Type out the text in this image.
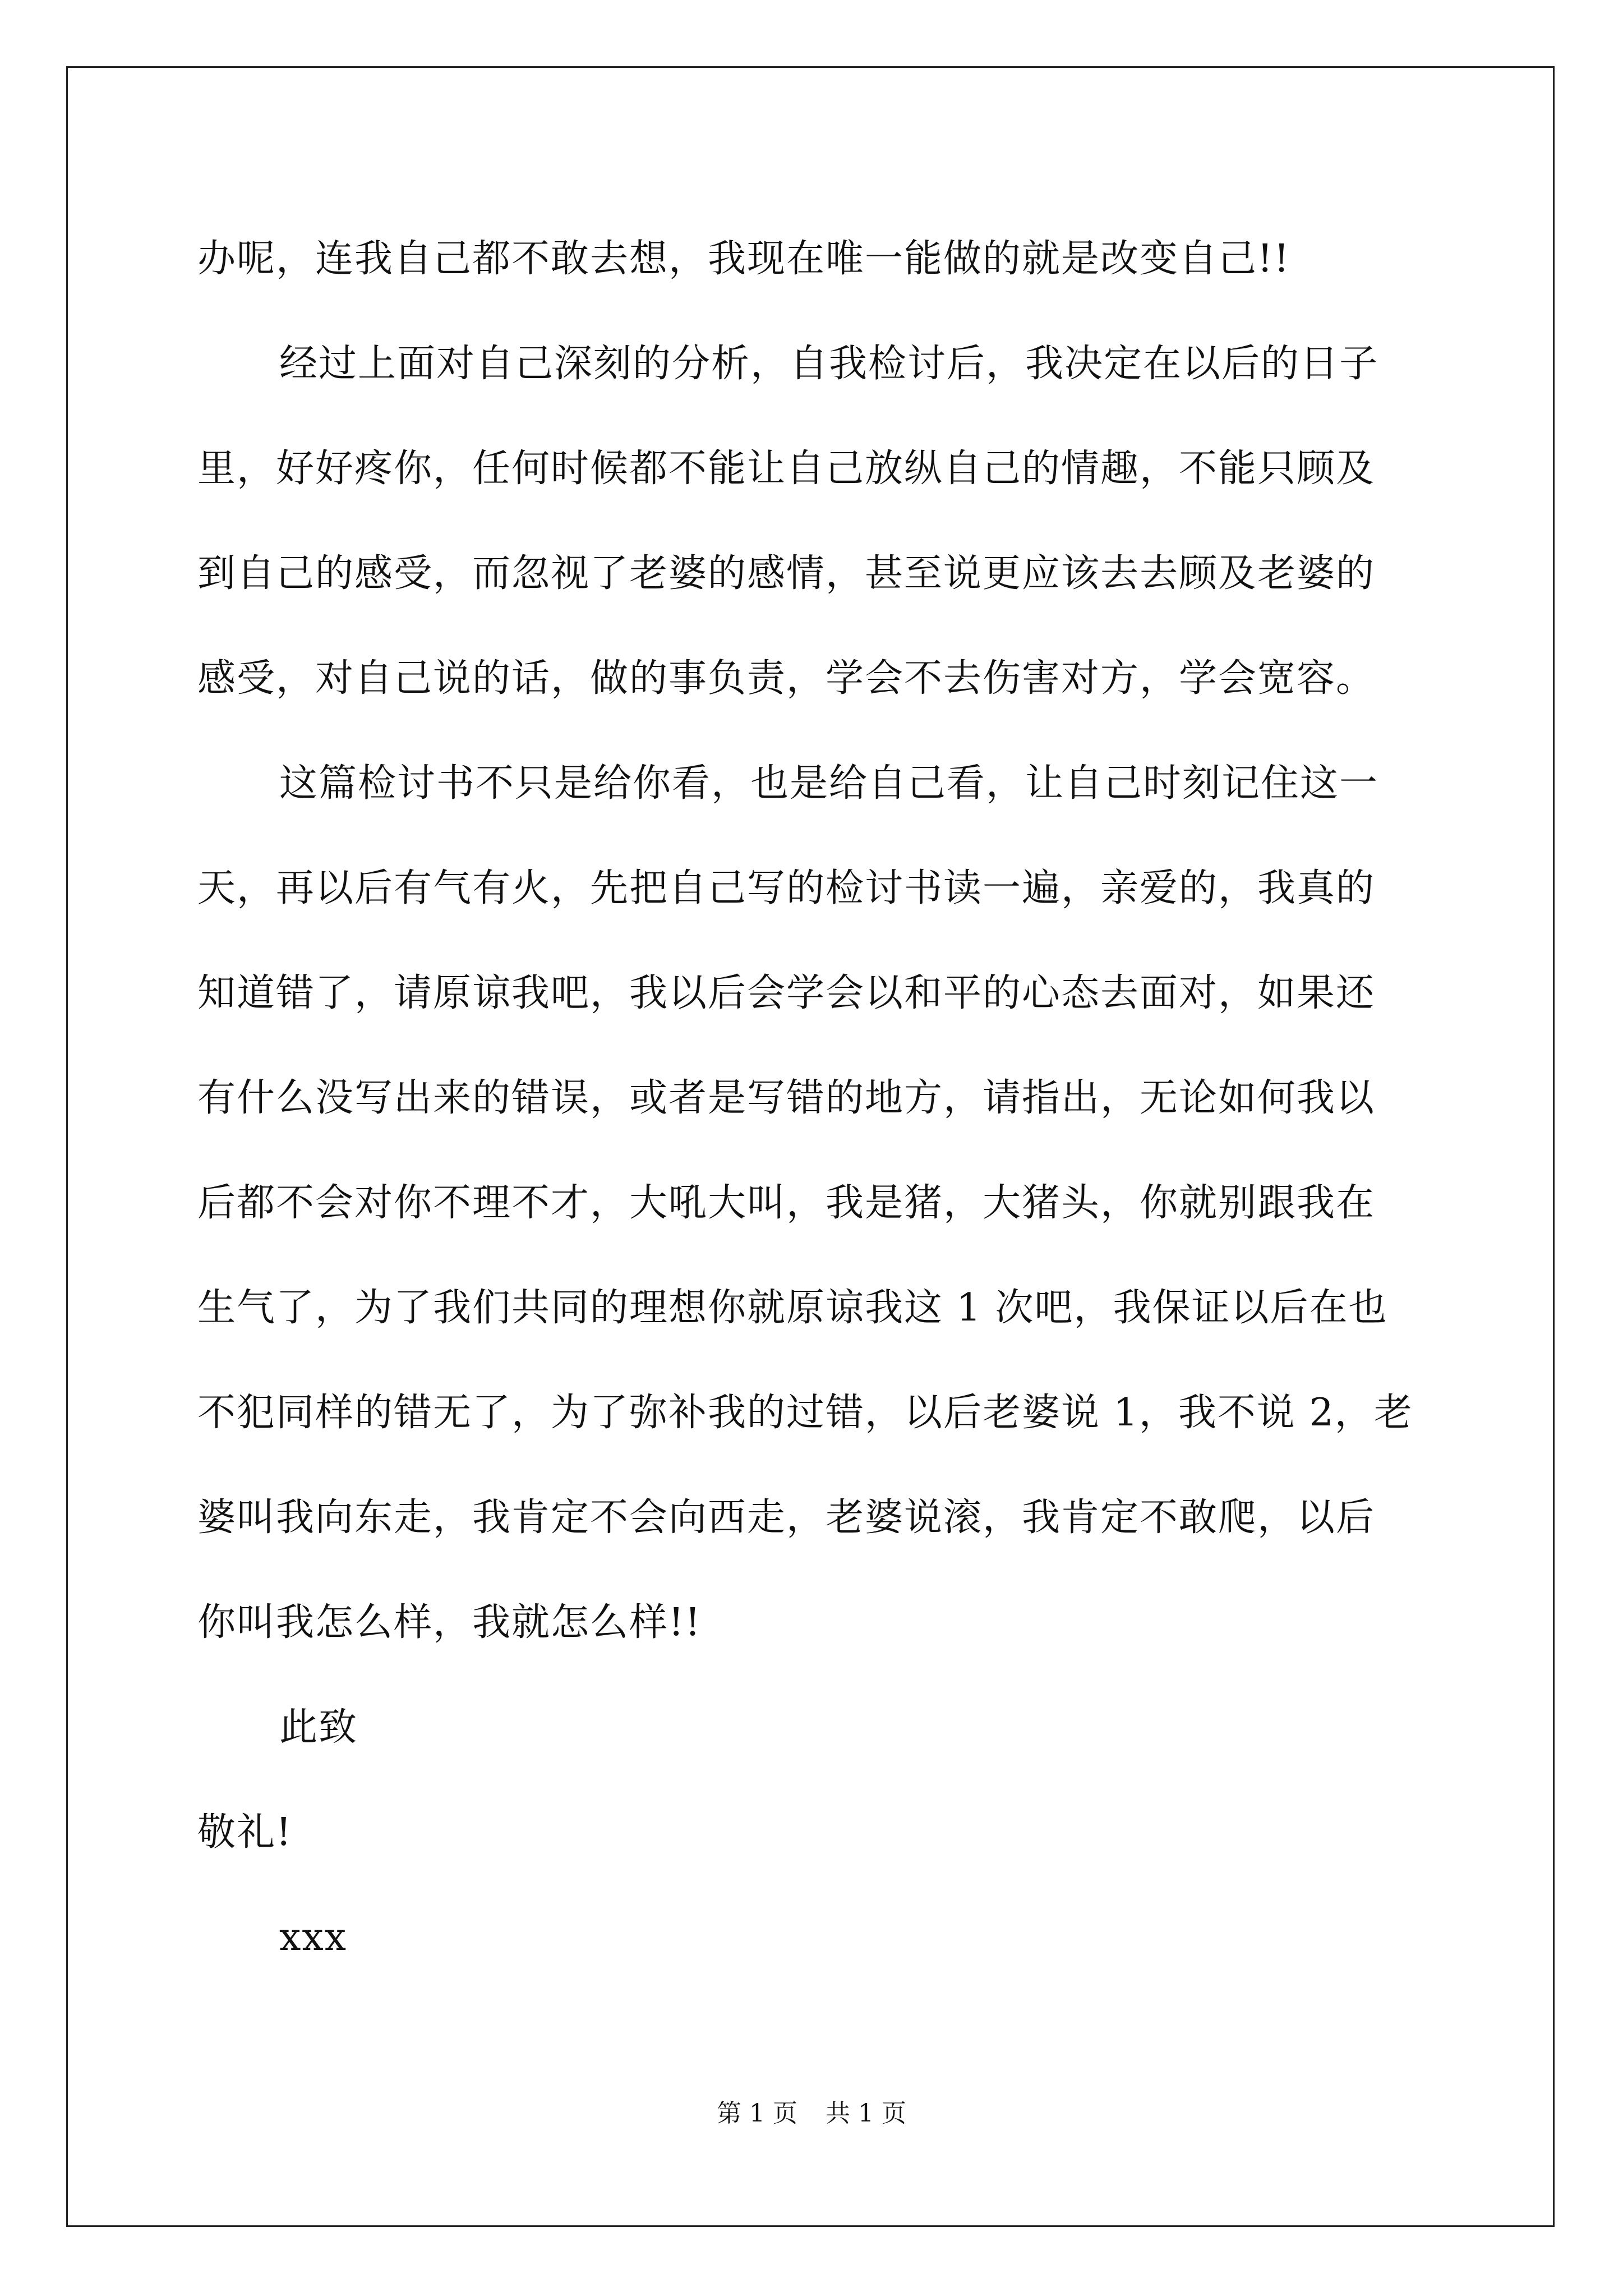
办呢，连我自己都不敢去想，我现在唯一能做的就是改变自己!!
经过上面对自己深刻的分析，自我检讨后，我决定在以后的日子
里，好好疼你，任何时候都不能让自己放纵自己的情趣，不能只顾及
到自己的感受，而忽视了老婆的感情，甚至说更应该去去顾及老婆的
感受，对自己说的话，做的事负责，学会不去伤害对方，学会宽容。
这篇检讨书不只是给你看，也是给自己看，让自己时刻记住这一
天，再以后有气有火，先把自己写的检讨书读一遍，亲爱的，我真的
知道错了，请原谅我吧，我以后会学会以和平的心态去面对，如果还
有什么没写出来的错误，或者是写错的地方，请指出，无论如何我以
后都不会对你不理不才，大吼大叫，我是猪，大猪头，你就别跟我在
生气了，为了我们共同的理想你就原谅我这 1 次吧，我保证以后在也
不犯同样的错无了，为了弥补我的过错，以后老婆说 1，我不说 2，老
婆叫我向东走，我肯定不会向西走，老婆说滚，我肯定不敢爬，以后
你叫我怎么样，我就怎么样!!
此致
敬礼!
xxx
第 1 页 共 1 页
